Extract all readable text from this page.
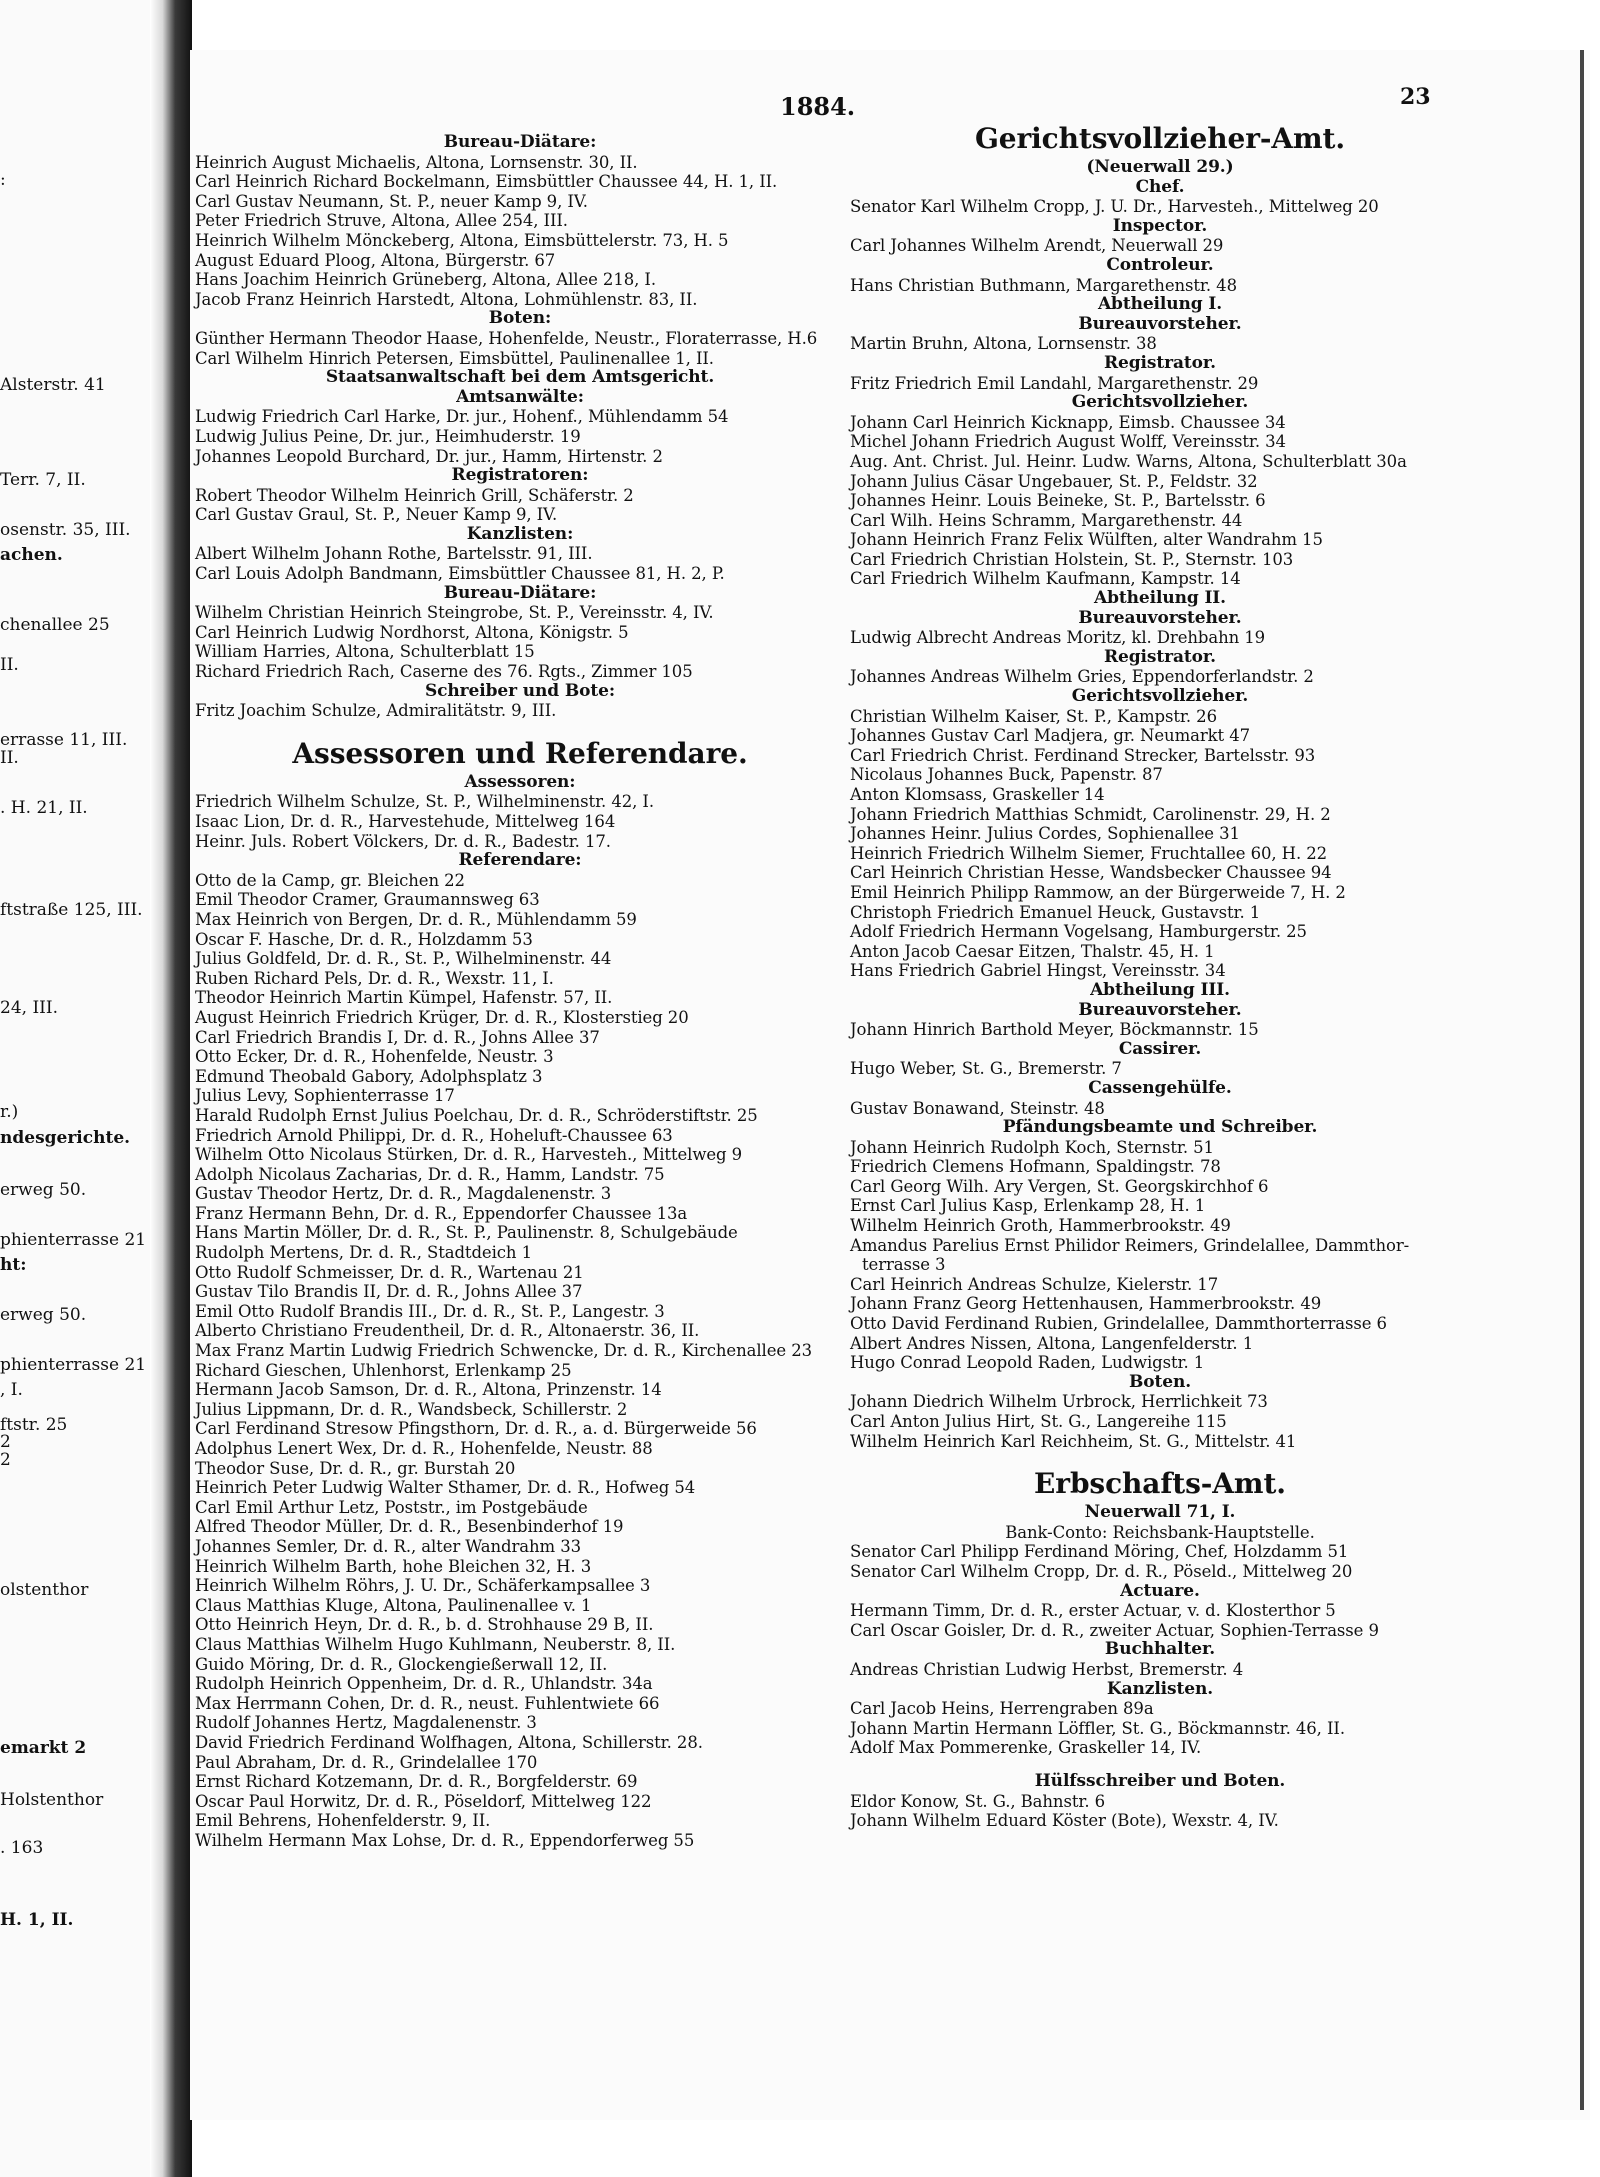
:
Alsterstr. 41
Terr. 7, II.
osenstr. 35, III.
achen.
chenallee 25
II.
errasse 11, III.
II.
. H. 21, II.
ftstraße 125, III.
24, III.
r.)
ndesgerichte.
erweg 50.
phienterrasse 21
ht:
erweg 50.
phienterrasse 21
, I.
ftstr. 25
2
2
olstenthor
emarkt 2
Holstenthor
. 163
H. 1, II.
1884.	23
Bureau-Diätare:
Heinrich August Michaelis, Altona, Lornsenstr. 30, II.
Carl Heinrich Richard Bockelmann, Eimsbüttler Chaussee 44, H. 1, II.
Carl Gustav Neumann, St. P., neuer Kamp 9, IV.
Peter Friedrich Struve, Altona, Allee 254, III.
Heinrich Wilhelm Mönckeberg, Altona, Eimsbüttelerstr. 73, H. 5
August Eduard Ploog, Altona, Bürgerstr. 67
Hans Joachim Heinrich Grüneberg, Altona, Allee 218, I.
Jacob Franz Heinrich Harstedt, Altona, Lohmühlenstr. 83, II.
Boten:
Günther Hermann Theodor Haase, Hohenfelde, Neustr., Floraterrasse, H.6
Carl Wilhelm Hinrich Petersen, Eimsbüttel, Paulinenallee 1, II.
Staatsanwaltschaft bei dem Amtsgericht.
Amtsanwälte:
Ludwig Friedrich Carl Harke, Dr. jur., Hohenf., Mühlendamm 54
Ludwig Julius Peine, Dr. jur., Heimhuderstr. 19
Johannes Leopold Burchard, Dr. jur., Hamm, Hirtenstr. 2
Registratoren:
Robert Theodor Wilhelm Heinrich Grill, Schäferstr. 2
Carl Gustav Graul, St. P., Neuer Kamp 9, IV.
Kanzlisten:
Albert Wilhelm Johann Rothe, Bartelsstr. 91, III.
Carl Louis Adolph Bandmann, Eimsbüttler Chaussee 81, H. 2, P.
Bureau-Diätare:
Wilhelm Christian Heinrich Steingrobe, St. P., Vereinsstr. 4, IV.
Carl Heinrich Ludwig Nordhorst, Altona, Königstr. 5
William Harries, Altona, Schulterblatt 15
Richard Friedrich Rach, Caserne des 76. Rgts., Zimmer 105
Schreiber und Bote:
Fritz Joachim Schulze, Admiralitätstr. 9, III.
Assessoren und Referendare.
Assessoren:
Friedrich Wilhelm Schulze, St. P., Wilhelminenstr. 42, I.
Isaac Lion, Dr. d. R., Harvestehude, Mittelweg 164
Heinr. Juls. Robert Völckers, Dr. d. R., Badestr. 17.
Referendare:
Otto de la Camp, gr. Bleichen 22
Emil Theodor Cramer, Graumannsweg 63
Max Heinrich von Bergen, Dr. d. R., Mühlendamm 59
Oscar F. Hasche, Dr. d. R., Holzdamm 53
Julius Goldfeld, Dr. d. R., St. P., Wilhelminenstr. 44
Ruben Richard Pels, Dr. d. R., Wexstr. 11, I.
Theodor Heinrich Martin Kümpel, Hafenstr. 57, II.
August Heinrich Friedrich Krüger, Dr. d. R., Klosterstieg 20
Carl Friedrich Brandis I, Dr. d. R., Johns Allee 37
Otto Ecker, Dr. d. R., Hohenfelde, Neustr. 3
Edmund Theobald Gabory, Adolphsplatz 3
Julius Levy, Sophienterrasse 17
Harald Rudolph Ernst Julius Poelchau, Dr. d. R., Schröderstiftstr. 25
Friedrich Arnold Philippi, Dr. d. R., Hoheluft-Chaussee 63
Wilhelm Otto Nicolaus Stürken, Dr. d. R., Harvesteh., Mittelweg 9
Adolph Nicolaus Zacharias, Dr. d. R., Hamm, Landstr. 75
Gustav Theodor Hertz, Dr. d. R., Magdalenenstr. 3
Franz Hermann Behn, Dr. d. R., Eppendorfer Chaussee 13a
Hans Martin Möller, Dr. d. R., St. P., Paulinenstr. 8, Schulgebäude
Rudolph Mertens, Dr. d. R., Stadtdeich 1
Otto Rudolf Schmeisser, Dr. d. R., Wartenau 21
Gustav Tilo Brandis II, Dr. d. R., Johns Allee 37
Emil Otto Rudolf Brandis III., Dr. d. R., St. P., Langestr. 3
Alberto Christiano Freudentheil, Dr. d. R., Altonaerstr. 36, II.
Max Franz Martin Ludwig Friedrich Schwencke, Dr. d. R., Kirchenallee 23
Richard Gieschen, Uhlenhorst, Erlenkamp 25
Hermann Jacob Samson, Dr. d. R., Altona, Prinzenstr. 14
Julius Lippmann, Dr. d. R., Wandsbeck, Schillerstr. 2
Carl Ferdinand Stresow Pfingsthorn, Dr. d. R., a. d. Bürgerweide 56
Adolphus Lenert Wex, Dr. d. R., Hohenfelde, Neustr. 88
Theodor Suse, Dr. d. R., gr. Burstah 20
Heinrich Peter Ludwig Walter Sthamer, Dr. d. R., Hofweg 54
Carl Emil Arthur Letz, Poststr., im Postgebäude
Alfred Theodor Müller, Dr. d. R., Besenbinderhof 19
Johannes Semler, Dr. d. R., alter Wandrahm 33
Heinrich Wilhelm Barth, hohe Bleichen 32, H. 3
Heinrich Wilhelm Röhrs, J. U. Dr., Schäferkampsallee 3
Claus Matthias Kluge, Altona, Paulinenallee v. 1
Otto Heinrich Heyn, Dr. d. R., b. d. Strohhause 29 B, II.
Claus Matthias Wilhelm Hugo Kuhlmann, Neuberstr. 8, II.
Guido Möring, Dr. d. R., Glockengießerwall 12, II.
Rudolph Heinrich Oppenheim, Dr. d. R., Uhlandstr. 34a
Max Herrmann Cohen, Dr. d. R., neust. Fuhlentwiete 66
Rudolf Johannes Hertz, Magdalenenstr. 3
David Friedrich Ferdinand Wolfhagen, Altona, Schillerstr. 28.
Paul Abraham, Dr. d. R., Grindelallee 170
Ernst Richard Kotzemann, Dr. d. R., Borgfelderstr. 69
Oscar Paul Horwitz, Dr. d. R., Pöseldorf, Mittelweg 122
Emil Behrens, Hohenfelderstr. 9, II.
Wilhelm Hermann Max Lohse, Dr. d. R., Eppendorferweg 55
Gerichtsvollzieher-Amt.
(Neuerwall 29.)
Chef.
Senator Karl Wilhelm Cropp, J. U. Dr., Harvesteh., Mittelweg 20
Inspector.
Carl Johannes Wilhelm Arendt, Neuerwall 29
Controleur.
Hans Christian Buthmann, Margarethenstr. 48
Abtheilung I.
Bureauvorsteher.
Martin Bruhn, Altona, Lornsenstr. 38
Registrator.
Fritz Friedrich Emil Landahl, Margarethenstr. 29
Gerichtsvollzieher.
Johann Carl Heinrich Kicknapp, Eimsb. Chaussee 34
Michel Johann Friedrich August Wolff, Vereinsstr. 34
Aug. Ant. Christ. Jul. Heinr. Ludw. Warns, Altona, Schulterblatt 30a
Johann Julius Cäsar Ungebauer, St. P., Feldstr. 32
Johannes Heinr. Louis Beineke, St. P., Bartelsstr. 6
Carl Wilh. Heins Schramm, Margarethenstr. 44
Johann Heinrich Franz Felix Wülften, alter Wandrahm 15
Carl Friedrich Christian Holstein, St. P., Sternstr. 103
Carl Friedrich Wilhelm Kaufmann, Kampstr. 14
Abtheilung II.
Bureauvorsteher.
Ludwig Albrecht Andreas Moritz, kl. Drehbahn 19
Registrator.
Johannes Andreas Wilhelm Gries, Eppendorferlandstr. 2
Gerichtsvollzieher.
Christian Wilhelm Kaiser, St. P., Kampstr. 26
Johannes Gustav Carl Madjera, gr. Neumarkt 47
Carl Friedrich Christ. Ferdinand Strecker, Bartelsstr. 93
Nicolaus Johannes Buck, Papenstr. 87
Anton Klomsass, Graskeller 14
Johann Friedrich Matthias Schmidt, Carolinenstr. 29, H. 2
Johannes Heinr. Julius Cordes, Sophienallee 31
Heinrich Friedrich Wilhelm Siemer, Fruchtallee 60, H. 22
Carl Heinrich Christian Hesse, Wandsbecker Chaussee 94
Emil Heinrich Philipp Rammow, an der Bürgerweide 7, H. 2
Christoph Friedrich Emanuel Heuck, Gustavstr. 1
Adolf Friedrich Hermann Vogelsang, Hamburgerstr. 25
Anton Jacob Caesar Eitzen, Thalstr. 45, H. 1
Hans Friedrich Gabriel Hingst, Vereinsstr. 34
Abtheilung III.
Bureauvorsteher.
Johann Hinrich Barthold Meyer, Böckmannstr. 15
Cassirer.
Hugo Weber, St. G., Bremerstr. 7
Cassengehülfe.
Gustav Bonawand, Steinstr. 48
Pfändungsbeamte und Schreiber.
Johann Heinrich Rudolph Koch, Sternstr. 51
Friedrich Clemens Hofmann, Spaldingstr. 78
Carl Georg Wilh. Ary Vergen, St. Georgskirchhof 6
Ernst Carl Julius Kasp, Erlenkamp 28, H. 1
Wilhelm Heinrich Groth, Hammerbrookstr. 49
Amandus Parelius Ernst Philidor Reimers, Grindelallee, Dammthor-
terrasse 3
Carl Heinrich Andreas Schulze, Kielerstr. 17
Johann Franz Georg Hettenhausen, Hammerbrookstr. 49
Otto David Ferdinand Rubien, Grindelallee, Dammthorterrasse 6
Albert Andres Nissen, Altona, Langenfelderstr. 1
Hugo Conrad Leopold Raden, Ludwigstr. 1
Boten.
Johann Diedrich Wilhelm Urbrock, Herrlichkeit 73
Carl Anton Julius Hirt, St. G., Langereihe 115
Wilhelm Heinrich Karl Reichheim, St. G., Mittelstr. 41
Erbschafts-Amt.
Neuerwall 71, I.
Bank-Conto: Reichsbank-Hauptstelle.
Senator Carl Philipp Ferdinand Möring, Chef, Holzdamm 51
Senator Carl Wilhelm Cropp, Dr. d. R., Pöseld., Mittelweg 20
Actuare.
Hermann Timm, Dr. d. R., erster Actuar, v. d. Klosterthor 5
Carl Oscar Goisler, Dr. d. R., zweiter Actuar, Sophien-Terrasse 9
Buchhalter.
Andreas Christian Ludwig Herbst, Bremerstr. 4
Kanzlisten.
Carl Jacob Heins, Herrengraben 89a
Johann Martin Hermann Löffler, St. G., Böckmannstr. 46, II.
Adolf Max Pommerenke, Graskeller 14, IV.
Hülfsschreiber und Boten.
Eldor Konow, St. G., Bahnstr. 6
Johann Wilhelm Eduard Köster (Bote), Wexstr. 4, IV.
